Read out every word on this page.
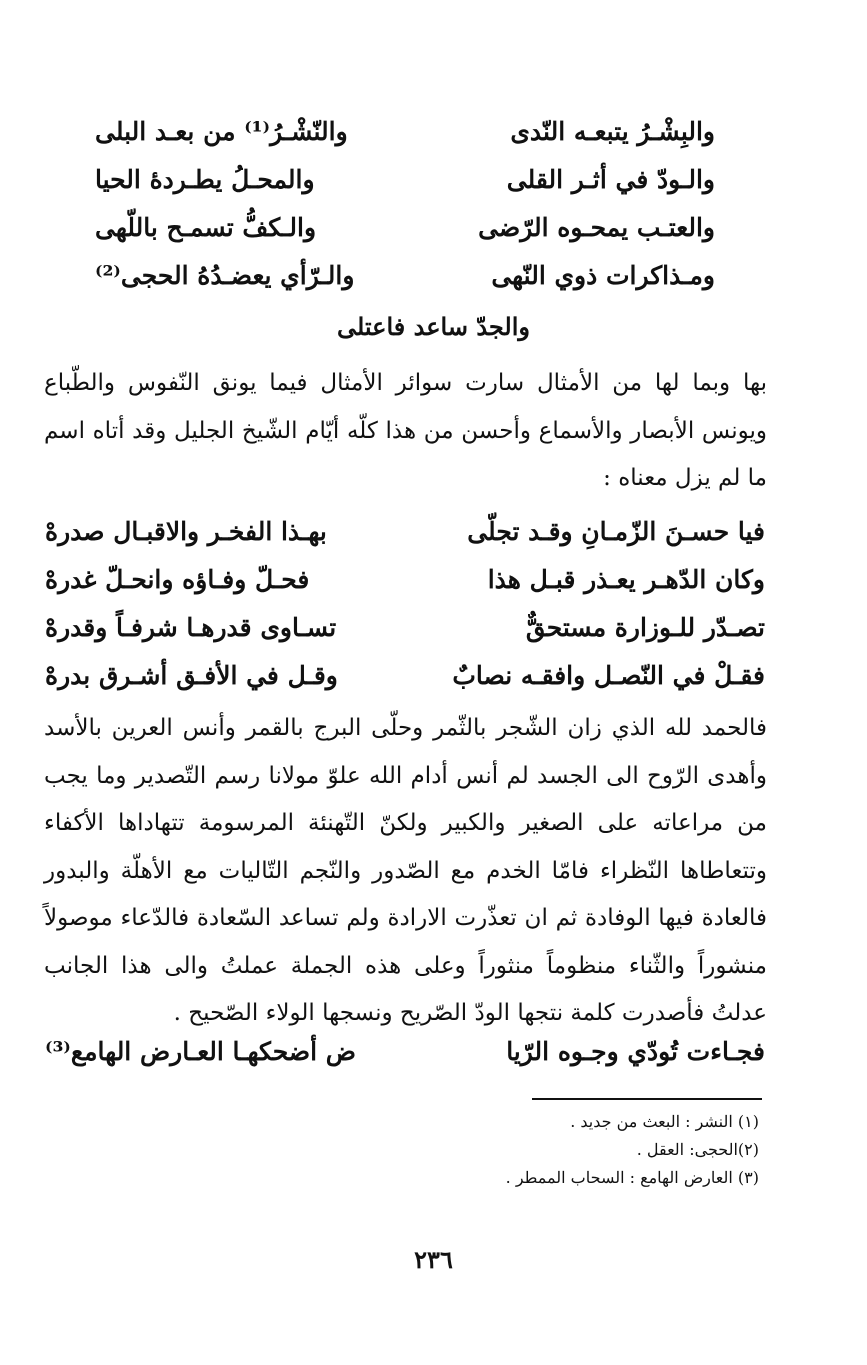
والبِشْـرُ يتبعـه النّدى
والنّشْـرُ⁽¹⁾ من بعـد البلى
والـودّ في أثـر القلى
والمحـلُ يطـردهٔ الحيا
والعتـب يمحـوه الرّضى
والـكفُّ تسمـح باللّهى
ومـذاكرات ذوي النّهى
والـرّأي يعضـدُهُ الحجى⁽²⁾
والجدّ ساعد فاعتلى

بها وبما لها من الأمثال سارت سوائر الأمثال فيما يونق النّفوس والطّباع ويونس الأبصار والأسماع وأحسن من هذا كلّه أيّام الشّيخ الجليل وقد أتاه اسم ما لم يزل معناه :

فيا حسـنَ الزّمـانِ وقـد تجلّى
بهـذا الفخـر والاقبـال صدرهْ
وكان الدّهـر يعـذر قبـل هذا
فحـلّ وفـاؤه وانحـلّ غدرهْ
تصـدّر للـوزارة مستحقٌّ
تسـاوى قدرهـا شرفـاً وقدرهْ
فقـلْ في النّصـل وافقـه نصابٌ
وقـل في الأفـق أشـرق بدرهْ

فالحمد لله الذي زان الشّجر بالثّمر وحلّى البرج بالقمر وأنس العرين بالأسد وأهدى الرّوح الى الجسد لم أنس أدام الله علوّ مولانا رسم التّصدير وما يجب من مراعاته على الصغير والكبير ولكنّ التّهنئة المرسومة تتهاداها الأكفاء وتتعاطاها النّظراء فامّا الخدم مع الصّدور والنّجم التّاليات مع الأهلّة والبدور فالعادة فيها الوفادة ثم ان تعذّرت الارادة ولم تساعد السّعادة فالدّعاء موصولاً منشوراً والثّناء منظوماً منثوراً وعلى هذه الجملة عملتُ والى هذا الجانب عدلتُ فأصدرت كلمة نتجها الودّ الصّريح ونسجها الولاء الصّحيح .

فجـاءت تُودّي وجـوه الرّيا
ض أضحكهـا العـارض الهامع⁽³⁾
(١) النشر : البعث من جديد .
(٢)الحجى: العقل .
(٣) العارض الهامع : السحاب الممطر .
٢٣٦
